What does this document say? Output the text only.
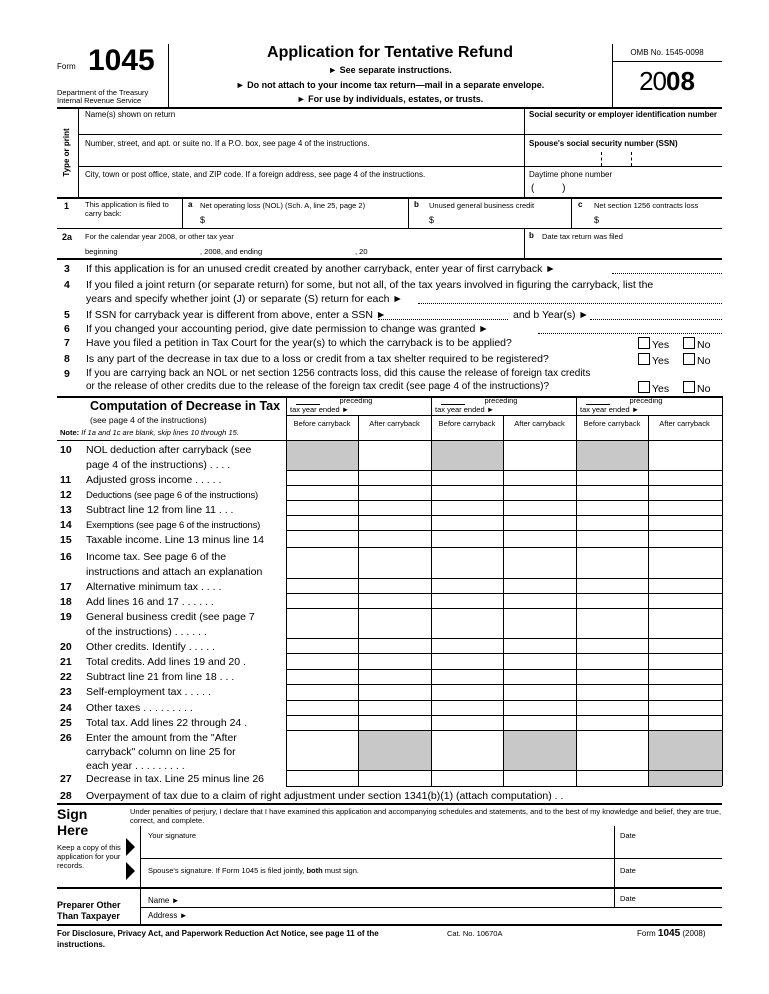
Form 1045
Department of the Treasury
Internal Revenue Service
Application for Tentative Refund
► See separate instructions.
► Do not attach to your income tax return—mail in a separate envelope.
► For use by individuals, estates, or trusts.
OMB No. 1545-0098
2008
Type or print
Name(s) shown on return	Social security or employer identification number
Number, street, and apt. or suite no. If a P.O. box, see page 4 of the instructions.	Spouse's social security number (SSN)
City, town or post office, state, and ZIP code. If a foreign address, see page 4 of the instructions.	Daytime phone number
(          )
1 This application is filed to carry back:
a Net operating loss (NOL) (Sch. A, line 25, page 2)
$
b Unused general business credit
$
c Net section 1256 contracts loss
$
2a For the calendar year 2008, or other tax year
beginning	, 2008, and ending	, 20
b Date tax return was filed
3 If this application is for an unused credit created by another carryback, enter year of first carryback ►
4 If you filed a joint return (or separate return) for some, but not all, of the tax years involved in figuring the carryback, list the
years and specify whether joint (J) or separate (S) return for each ►
5 If SSN for carryback year is different from above, enter a SSN ►
6 If you changed your accounting period, give date permission to change was granted ►
7 Have you filed a petition in Tax Court for the year(s) to which the carryback is to be applied?
8 Is any part of the decrease in tax due to a loss or credit from a tax shelter required to be registered?
9 If you are carrying back an NOL or net section 1256 contracts loss, did this cause the release of foreign tax credits
or the release of other credits due to the release of the foreign tax credit (see page 4 of the instructions)?
and b Year(s) ►
Yes	No
Yes	No
Yes	No
Computation of Decrease in Tax
(see page 4 of the instructions)
Note: If 1a and 1c are blank, skip lines 10 through 15.
preceding
tax year ended ►
Before carryback	After carryback
preceding
tax year ended ►
Before carryback	After carryback
preceding
tax year ended ►
Before carryback	After carryback
10 NOL deduction after carryback (see
page 4 of the instructions) . . . .
11 Adjusted gross income . . . . .
12 Deductions (see page 6 of the instructions)
13 Subtract line 12 from line 11 . . .
14 Exemptions (see page 6 of the instructions)
15 Taxable income. Line 13 minus line 14
16 Income tax. See page 6 of the
instructions and attach an explanation
17 Alternative minimum tax . . . .
18 Add lines 16 and 17 . . . . . .
19 General business credit (see page 7
of the instructions) . . . . . .
20 Other credits. Identify . . . . .
21 Total credits. Add lines 19 and 20 .
22 Subtract line 21 from line 18 . . .
23 Self-employment tax . . . . .
24 Other taxes . . . . . . . . .
25 Total tax. Add lines 22 through 24 .
26 Enter the amount from the "After
carryback" column on line 25 for
each year . . . . . . . . .
27 Decrease in tax. Line 25 minus line 26
28 Overpayment of tax due to a claim of right adjustment under section 1341(b)(1) (attach computation) . .
Sign Here
Keep a copy of this application for your records.
Under penalties of perjury, I declare that I have examined this application and accompanying schedules and statements, and to the best of my knowledge and belief, they are true, correct, and complete.
Your signature	Date
Spouse's signature. If Form 1045 is filed jointly, both must sign.	Date
Preparer Other Than Taxpayer
Name ►
Address ►
Date
For Disclosure, Privacy Act, and Paperwork Reduction Act Notice, see page 11 of the instructions.
Cat. No. 10670A	Form 1045 (2008)
